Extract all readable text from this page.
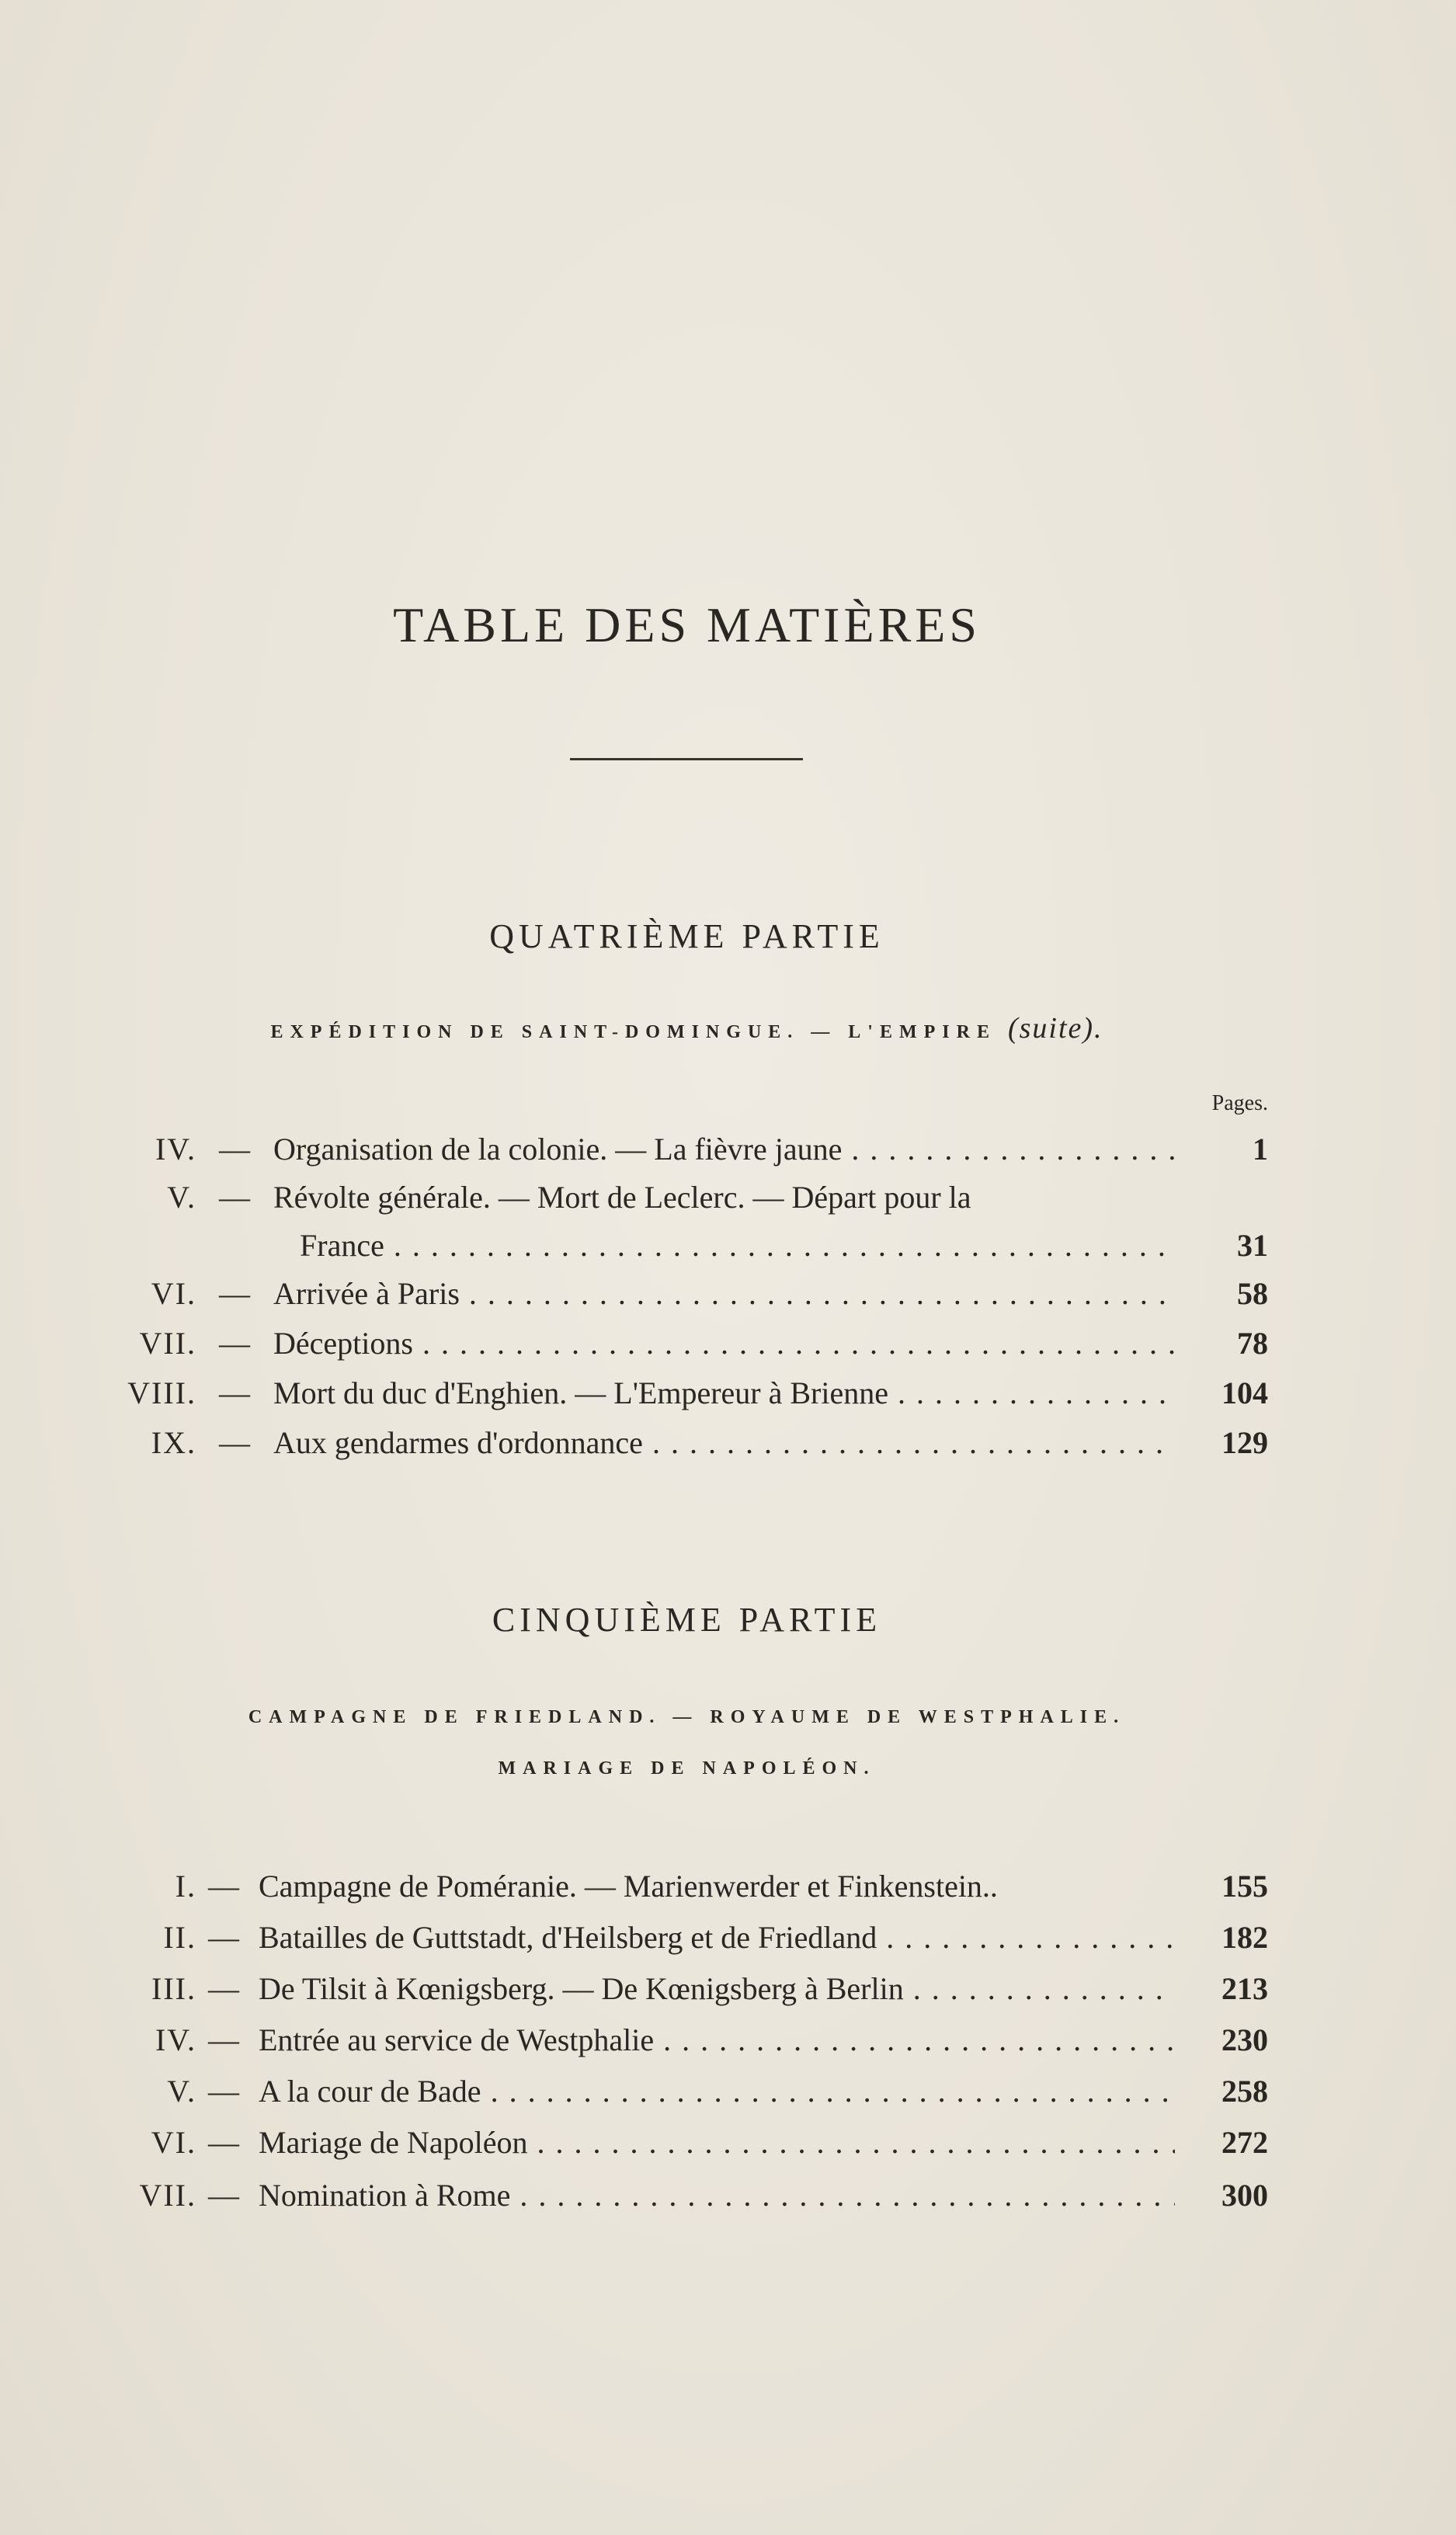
TABLE DES MATIÈRES
QUATRIÈME PARTIE
EXPÉDITION DE SAINT-DOMINGUE. — L'EMPIRE (suite).
Pages.
IV. — Organisation de la colonie. — La fièvre jaune . . .	1
V. — Révolte générale. — Mort de Leclerc. — Départ pour la
France . . .	31
VI. — Arrivée à Paris . . .	58
VII. — Déceptions . . .	78
VIII. — Mort du duc d'Enghien. — L'Empereur à Brienne . . .	104
IX. — Aux gendarmes d'ordonnance . . .	129
CINQUIÈME PARTIE
CAMPAGNE DE FRIEDLAND. — ROYAUME DE WESTPHALIE.
MARIAGE DE NAPOLÉON.
I. — Campagne de Poméranie. — Marienwerder et Finkenstein..	155
II. — Batailles de Guttstadt, d'Heilsberg et de Friedland . . .	182
III. — De Tilsit à Kœnigsberg. — De Kœnigsberg à Berlin . . .	213
IV. — Entrée au service de Westphalie . . .	230
V. — A la cour de Bade . . .	258
VI. — Mariage de Napoléon . . .	272
VII. — Nomination à Rome . . .	300
